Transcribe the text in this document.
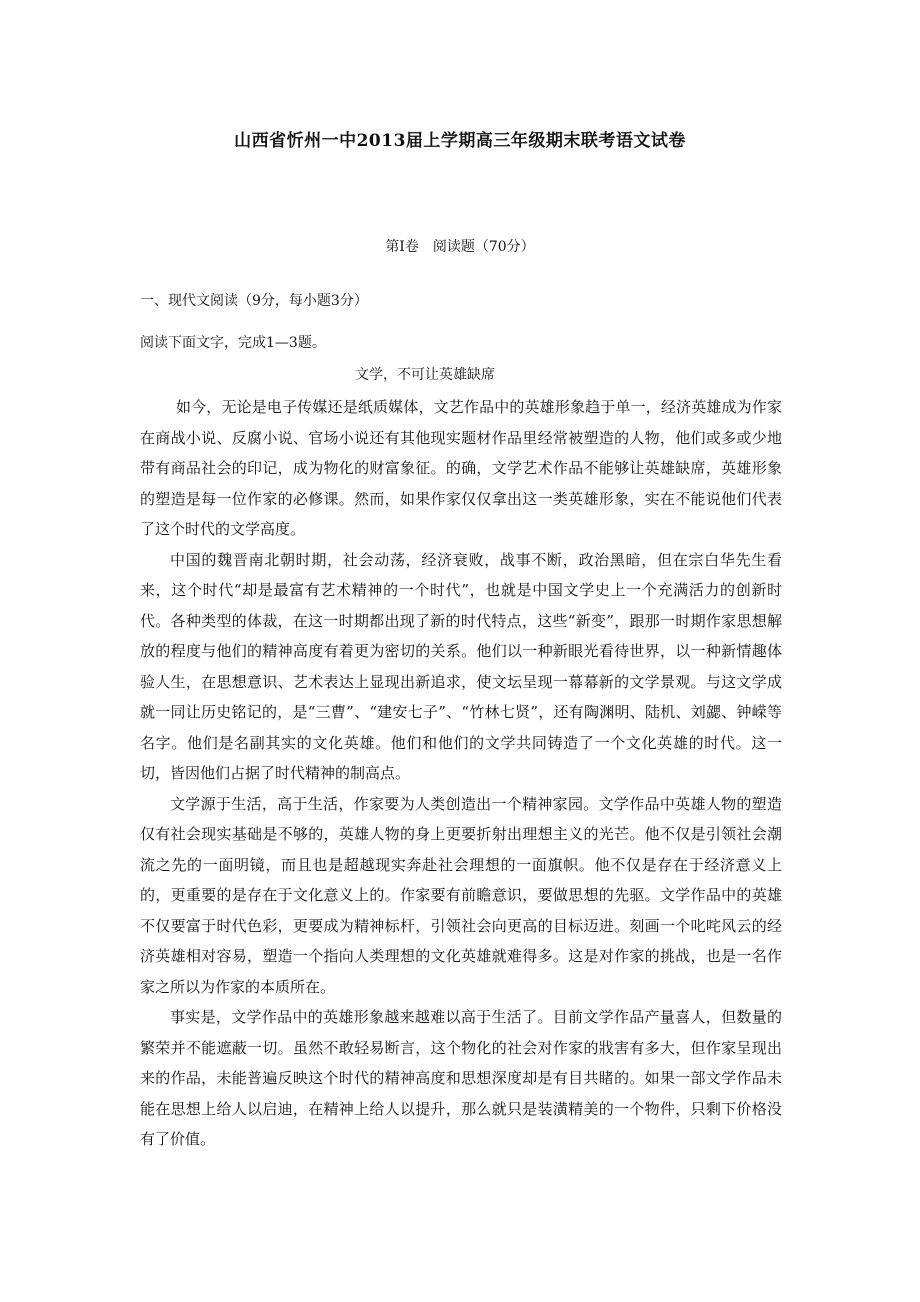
山西省忻州一中2013届上学期高三年级期末联考语文试卷
第Ⅰ卷　阅读题（70分）
一、现代文阅读（9分，每小题3分）
阅读下面文字，完成1—3题。
文学，不可让英雄缺席

如今，无论是电子传媒还是纸质媒体，文艺作品中的英雄形象趋于单一，经济英雄成为作家在商战小说、反腐小说、官场小说还有其他现实题材作品里经常被塑造的人物，他们或多或少地带有商品社会的印记，成为物化的财富象征。的确，文学艺术作品不能够让英雄缺席，英雄形象的塑造是每一位作家的必修课。然而，如果作家仅仅拿出这一类英雄形象，实在不能说他们代表了这个时代的文学高度。

中国的魏晋南北朝时期，社会动荡，经济衰败，战事不断，政治黑暗，但在宗白华先生看来，这个时代“却是最富有艺术精神的一个时代”，也就是中国文学史上一个充满活力的创新时代。各种类型的体裁，在这一时期都出现了新的时代特点，这些“新变”，跟那一时期作家思想解放的程度与他们的精神高度有着更为密切的关系。他们以一种新眼光看待世界，以一种新情趣体验人生，在思想意识、艺术表达上显现出新追求，使文坛呈现一幕幕新的文学景观。与这文学成就一同让历史铭记的，是“三曹”、“建安七子”、“竹林七贤”，还有陶渊明、陆机、刘勰、钟嵘等名字。他们是名副其实的文化英雄。他们和他们的文学共同铸造了一个文化英雄的时代。这一切，皆因他们占据了时代精神的制高点。

文学源于生活，高于生活，作家要为人类创造出一个精神家园。文学作品中英雄人物的塑造仅有社会现实基础是不够的，英雄人物的身上更要折射出理想主义的光芒。他不仅是引领社会潮流之先的一面明镜，而且也是超越现实奔赴社会理想的一面旗帜。他不仅是存在于经济意义上的，更重要的是存在于文化意义上的。作家要有前瞻意识，要做思想的先驱。文学作品中的英雄不仅要富于时代色彩，更要成为精神标杆，引领社会向更高的目标迈进。刻画一个叱咤风云的经济英雄相对容易，塑造一个指向人类理想的文化英雄就难得多。这是对作家的挑战，也是一名作家之所以为作家的本质所在。

事实是，文学作品中的英雄形象越来越难以高于生活了。目前文学作品产量喜人，但数量的繁荣并不能遮蔽一切。虽然不敢轻易断言，这个物化的社会对作家的戕害有多大，但作家呈现出来的作品，未能普遍反映这个时代的精神高度和思想深度却是有目共睹的。如果一部文学作品未能在思想上给人以启迪，在精神上给人以提升，那么就只是装潢精美的一个物件，只剩下价格没有了价值。
